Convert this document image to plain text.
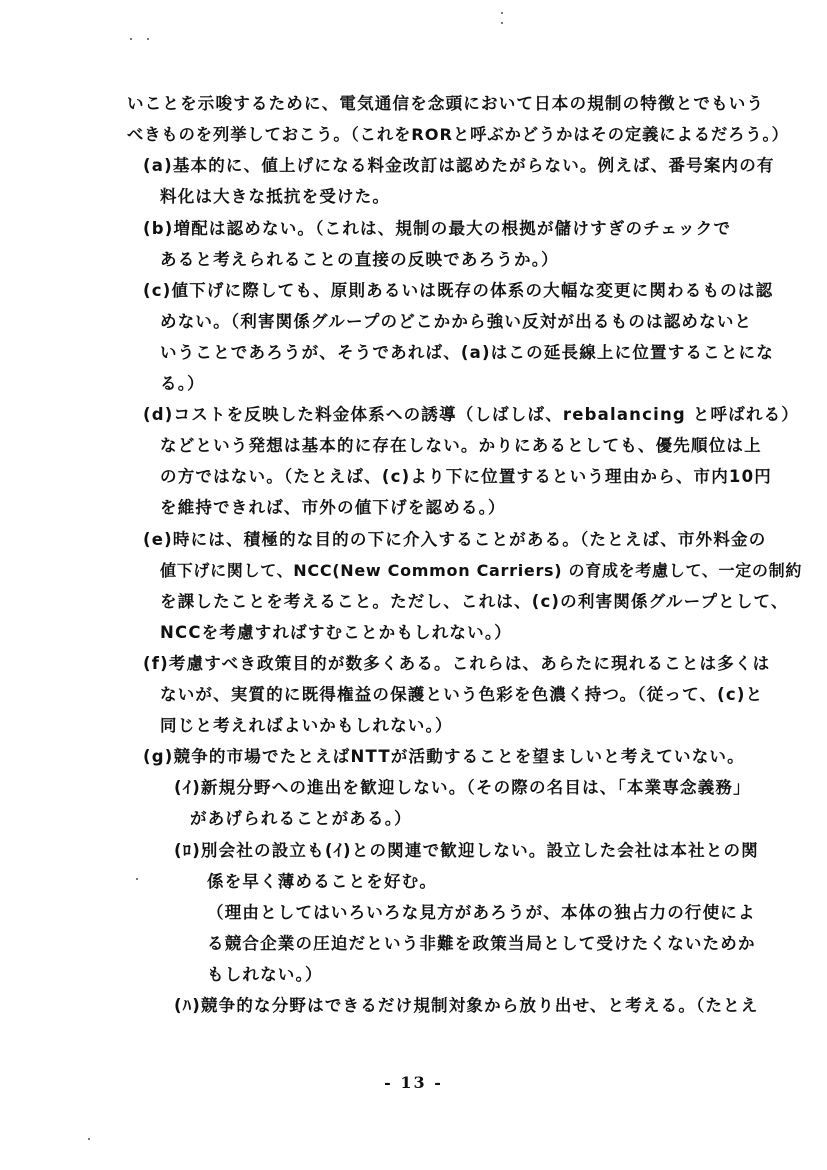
いことを示唆するために、電気通信を念頭において日本の規制の特徴とでもいう
べきものを列挙しておこう。（これをRORと呼ぶかどうかはその定義によるだろう。）
(a)基本的に、値上げになる料金改訂は認めたがらない。例えば、番号案内の有
料化は大きな抵抗を受けた。
(b)増配は認めない。（これは、規制の最大の根拠が儲けすぎのチェックで
あると考えられることの直接の反映であろうか。）
(c)値下げに際しても、原則あるいは既存の体系の大幅な変更に関わるものは認
めない。（利害関係グループのどこかから強い反対が出るものは認めないと
いうことであろうが、そうであれば、(a)はこの延長線上に位置することにな
る。）
(d)コストを反映した料金体系への誘導（しばしば、rebalancing と呼ばれる）
などという発想は基本的に存在しない。かりにあるとしても、優先順位は上
の方ではない。（たとえば、(c)より下に位置するという理由から、市内10円
を維持できれば、市外の値下げを認める。）
(e)時には、積極的な目的の下に介入することがある。（たとえば、市外料金の
値下げに関して、NCC(New Common Carriers) の育成を考慮して、一定の制約
を課したことを考えること。ただし、これは、(c)の利害関係グループとして、
NCCを考慮すればすむことかもしれない。）
(f)考慮すべき政策目的が数多くある。これらは、あらたに現れることは多くは
ないが、実質的に既得権益の保護という色彩を色濃く持つ。（従って、(c)と
同じと考えればよいかもしれない。）
(g)競争的市場でたとえばNTTが活動することを望ましいと考えていない。
(ｲ)新規分野への進出を歓迎しない。（その際の名目は、「本業専念義務」
があげられることがある。）
(ﾛ)別会社の設立も(ｲ)との関連で歓迎しない。設立した会社は本社との関
係を早く薄めることを好む。
（理由としてはいろいろな見方があろうが、本体の独占力の行使によ
る競合企業の圧迫だという非難を政策当局として受けたくないためか
もしれない。）
(ﾊ)競争的な分野はできるだけ規制対象から放り出せ、と考える。（たとえ
- 13 -
